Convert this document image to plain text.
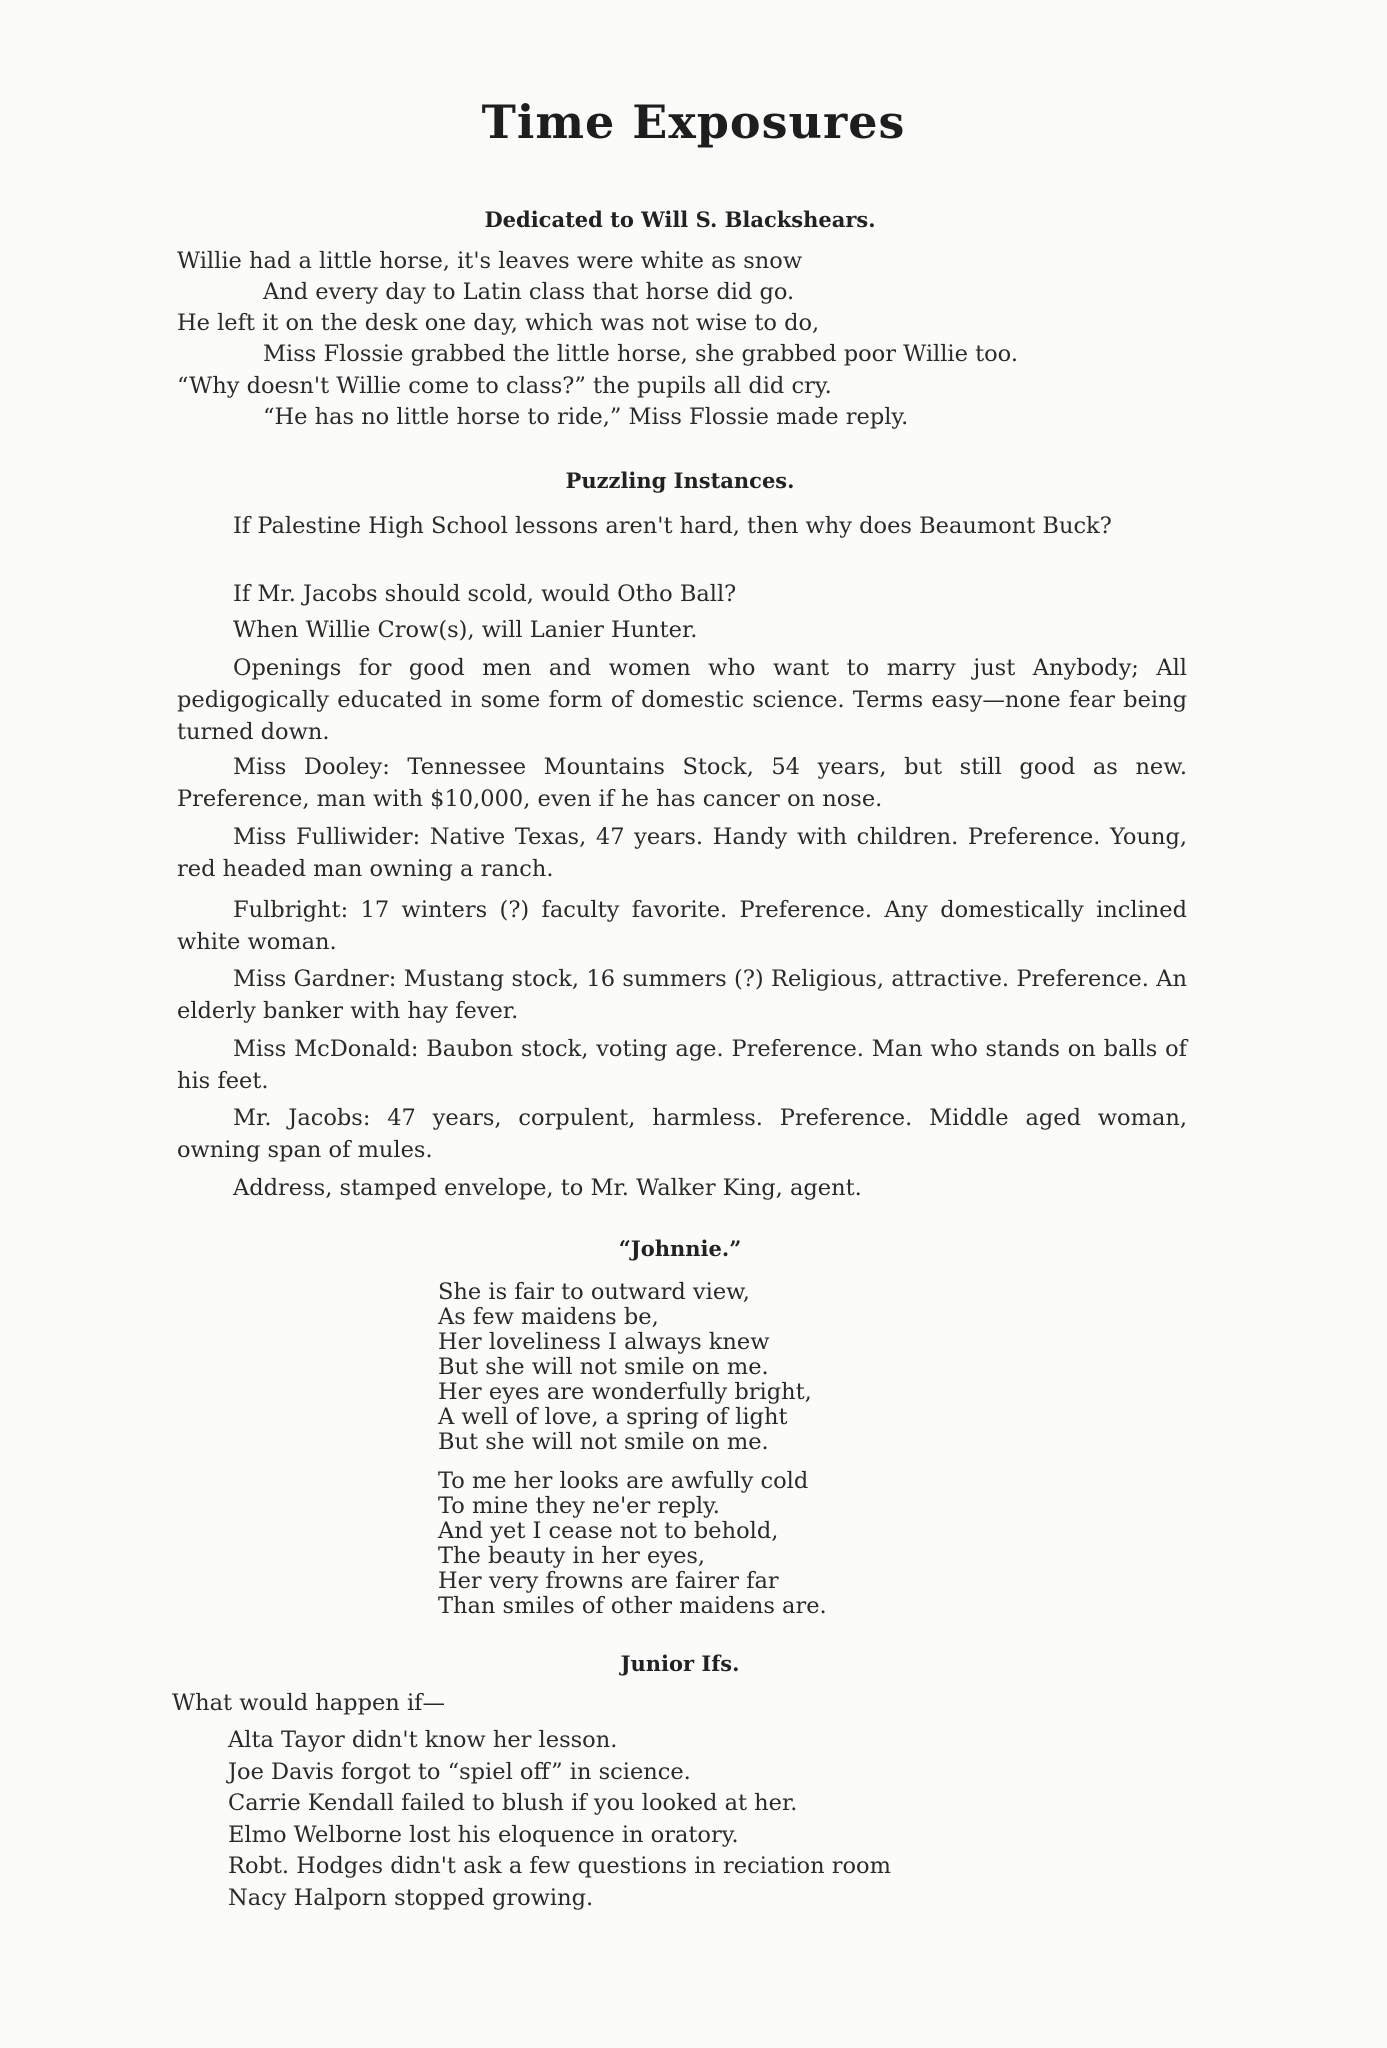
Time Exposures
Dedicated to Will S. Blackshears.
Willie had a little horse, it's leaves were white as snow
And every day to Latin class that horse did go.
He left it on the desk one day, which was not wise to do,
Miss Flossie grabbed the little horse, she grabbed poor Willie too.
“Why doesn't Willie come to class?” the pupils all did cry.
“He has no little horse to ride,” Miss Flossie made reply.
Puzzling Instances.
If Palestine High School lessons aren't hard, then why does Beaumont Buck?
If Mr. Jacobs should scold, would Otho Ball?
When Willie Crow(s), will Lanier Hunter.
Openings for good men and women who want to marry just Anybody; All pedigogically educated in some form of domestic science. Terms easy—none fear being turned down.
Miss Dooley: Tennessee Mountains Stock, 54 years, but still good as new. Preference, man with $10,000, even if he has cancer on nose.
Miss Fulliwider: Native Texas, 47 years. Handy with children. Preference. Young, red headed man owning a ranch.
Fulbright: 17 winters (?) faculty favorite. Preference. Any domestically inclined white woman.
Miss Gardner: Mustang stock, 16 summers (?) Religious, attractive. Preference. An elderly banker with hay fever.
Miss McDonald: Baubon stock, voting age. Preference. Man who stands on balls of his feet.
Mr. Jacobs: 47 years, corpulent, harmless. Preference. Middle aged woman, owning span of mules.
Address, stamped envelope, to Mr. Walker King, agent.
“Johnnie.”
She is fair to outward view,
As few maidens be,
Her loveliness I always knew
But she will not smile on me.
Her eyes are wonderfully bright,
A well of love, a spring of light
But she will not smile on me.
To me her looks are awfully cold
To mine they ne'er reply.
And yet I cease not to behold,
The beauty in her eyes,
Her very frowns are fairer far
Than smiles of other maidens are.
Junior Ifs.
What would happen if—
Alta Tayor didn't know her lesson.
Joe Davis forgot to “spiel off” in science.
Carrie Kendall failed to blush if you looked at her.
Elmo Welborne lost his eloquence in oratory.
Robt. Hodges didn't ask a few questions in reciation room
Nacy Halporn stopped growing.
